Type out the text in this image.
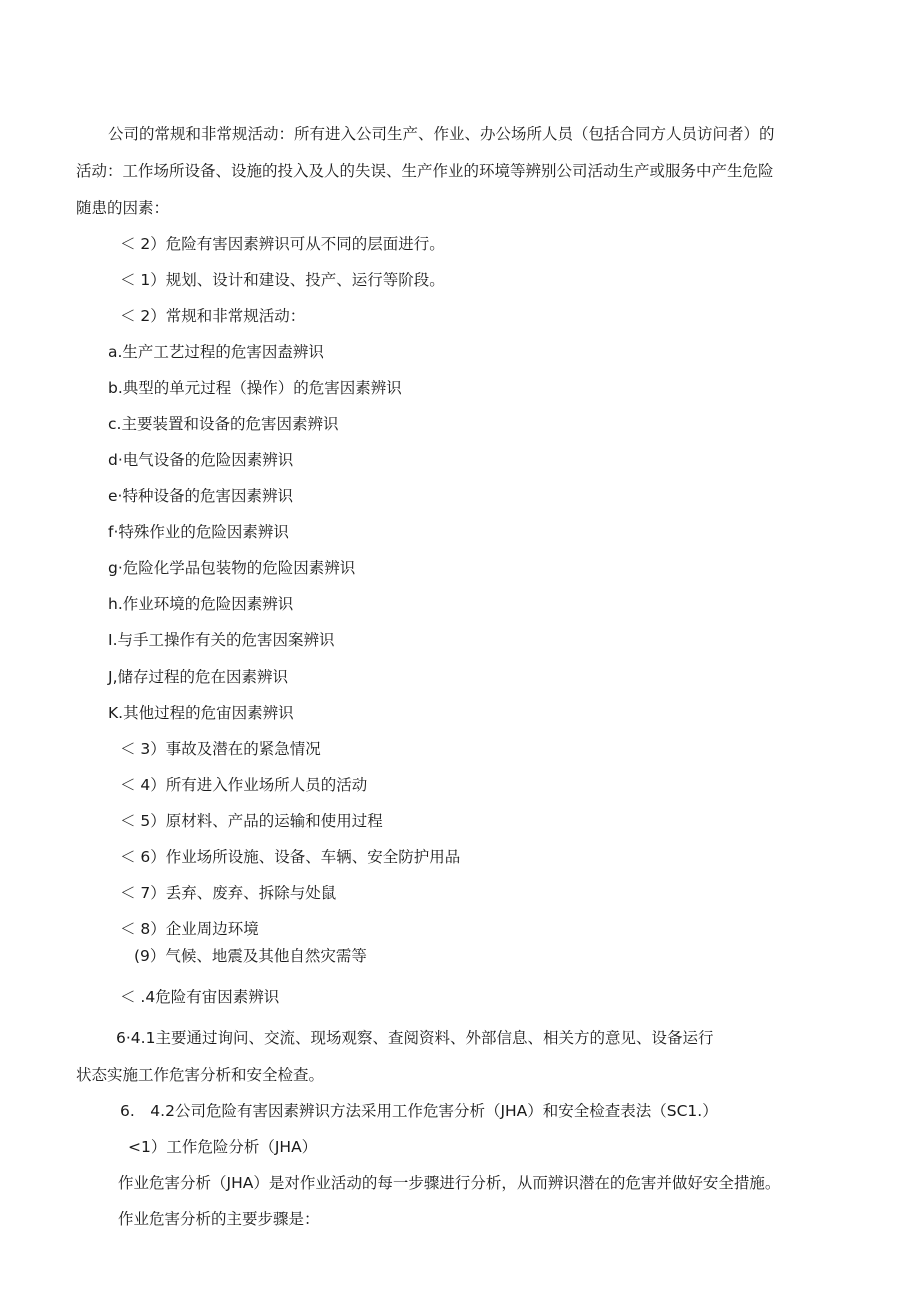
公司的常规和非常规活动：所有进入公司生产、作业、办公场所人员（包括合同方人员访问者）的
活动：工作场所设备、设施的投入及人的失误、生产作业的环境等辨别公司活动生产或服务中产生危险
随患的因素：
＜ 2）危险有害因素辨识可从不同的层面进行。
＜ 1）规划、设计和建设、投产、运行等阶段。
＜ 2）常规和非常规活动：
a.生产工艺过程的危害因盍辨识
b.典型的单元过程（操作）的危害因素辨识
c.主要装置和设备的危害因素辨识
d·电气设备的危险因素辨识
e·特种设备的危害因素辨识
f·特殊作业的危险因素辨识
g·危险化学品包装物的危险因素辨识
h.作业环境的危险因素辨识
I.与手工操作有关的危害因案辨识
J,储存过程的危在因素辨识
K.其他过程的危宙因素辨识
＜ 3）事故及潜在的紧急情况
＜ 4）所有进入作业场所人员的活动
＜ 5）原材料、产品的运输和使用过程
＜ 6）作业场所设施、设备、车辆、安全防护用品
＜ 7）丢弃、废弃、拆除与处鼠
＜ 8）企业周边环境
(9）气候、地震及其他自然灾需等
＜ .4危险有宙因素辨识
6·4.1主要通过询问、交流、现场观察、查阅资料、外部信息、相关方的意见、设备运行
状态实施工作危害分析和安全检查。
6.　4.2公司危险有害因素辨识方法采用工作危害分析（JHA）和安全检查表法（SC1.）
<1）工作危险分析（JHA）
作业危害分析（JHA）是对作业活动的每一步骤进行分析，从而辨识潜在的危害并做好安全措施。
作业危害分析的主要步骤是：
